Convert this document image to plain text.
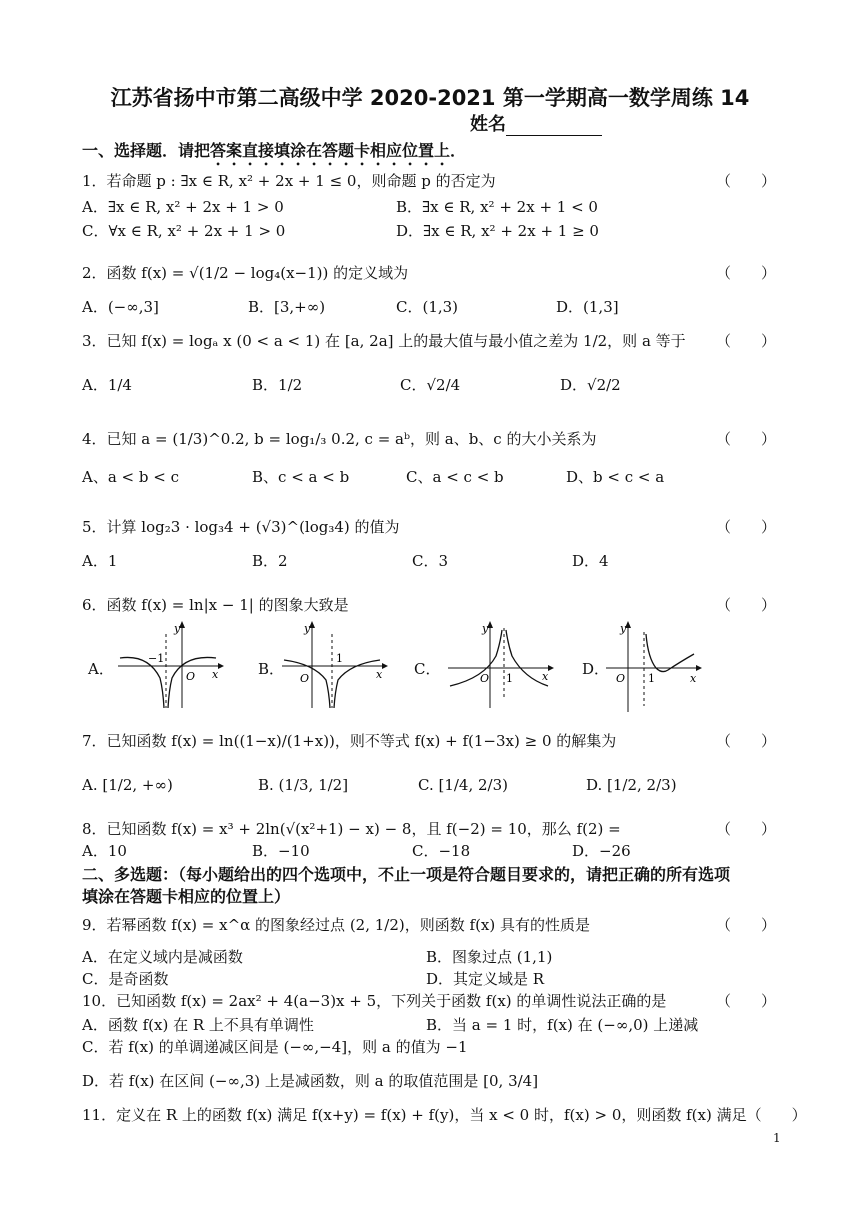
江苏省扬中市第二高级中学 2020-2021 第一学期高一数学周练 14
姓名
一、选择题．请把答案直接填涂在答题卡相应位置上．
1．若命题 p : ∃x ∈ R, x² + 2x + 1 ≤ 0，则命题 p 的否定为	（　　）
A．∃x ∈ R, x² + 2x + 1 > 0	B．∃x ∈ R, x² + 2x + 1 < 0
C．∀x ∈ R, x² + 2x + 1 > 0	D．∃x ∈ R, x² + 2x + 1 ≥ 0
2．函数 f(x) = √(1/2 − log₄(x−1)) 的定义域为	（　　）
A．(−∞,3]	B．[3,+∞)	C．(1,3)	D．(1,3]
3．已知 f(x) = logₐ x (0 < a < 1) 在 [a, 2a] 上的最大值与最小值之差为 1/2，则 a 等于 （　　）
A．1/4	B．1/2	C．√2/4	D．√2/2
4．已知 a = (1/3)^0.2, b = log₁/₃ 0.2, c = aᵇ，则 a、b、c 的大小关系为	（　　）
A、a < b < c	B、c < a < b	C、a < c < b	D、b < c < a
5．计算 log₂3 · log₃4 + (√3)^(log₃4) 的值为	（　　）
A．1	B．2	C．3	D．4
6．函数 f(x) = ln|x − 1| 的图象大致是	（　　）
A．	B．	C．	D．
y
−1
O x
y
1
O	x
y
1
O	x
y
1
O	x
7．已知函数 f(x) = ln((1−x)/(1+x))，则不等式 f(x) + f(1−3x) ≥ 0 的解集为	（　　）
A. [1/2, +∞)	B. (1/3, 1/2]	C. [1/4, 2/3)	D. [1/2, 2/3)
8．已知函数 f(x) = x³ + 2ln(√(x²+1) − x) − 8，且 f(−2) = 10，那么 f(2) =	（　　）
A．10	B．−10	C．−18	D．−26
二、多选题：（每小题给出的四个选项中，不止一项是符合题目要求的，请把正确的所有选项
填涂在答题卡相应的位置上）
9．若幂函数 f(x) = x^α 的图象经过点 (2, 1/2)，则函数 f(x) 具有的性质是	（　　）
A．在定义域内是减函数	B．图象过点 (1,1)
C．是奇函数	D．其定义域是 R
10．已知函数 f(x) = 2ax² + 4(a−3)x + 5，下列关于函数 f(x) 的单调性说法正确的是	（　　）
A．函数 f(x) 在 R 上不具有单调性	B．当 a = 1 时，f(x) 在 (−∞,0) 上递减
C．若 f(x) 的单调递减区间是 (−∞,−4]，则 a 的值为 −1
D．若 f(x) 在区间 (−∞,3) 上是减函数，则 a 的取值范围是 [0, 3/4]
11．定义在 R 上的函数 f(x) 满足 f(x+y) = f(x) + f(y)，当 x < 0 时，f(x) > 0，则函数 f(x) 满足（　　）
1
